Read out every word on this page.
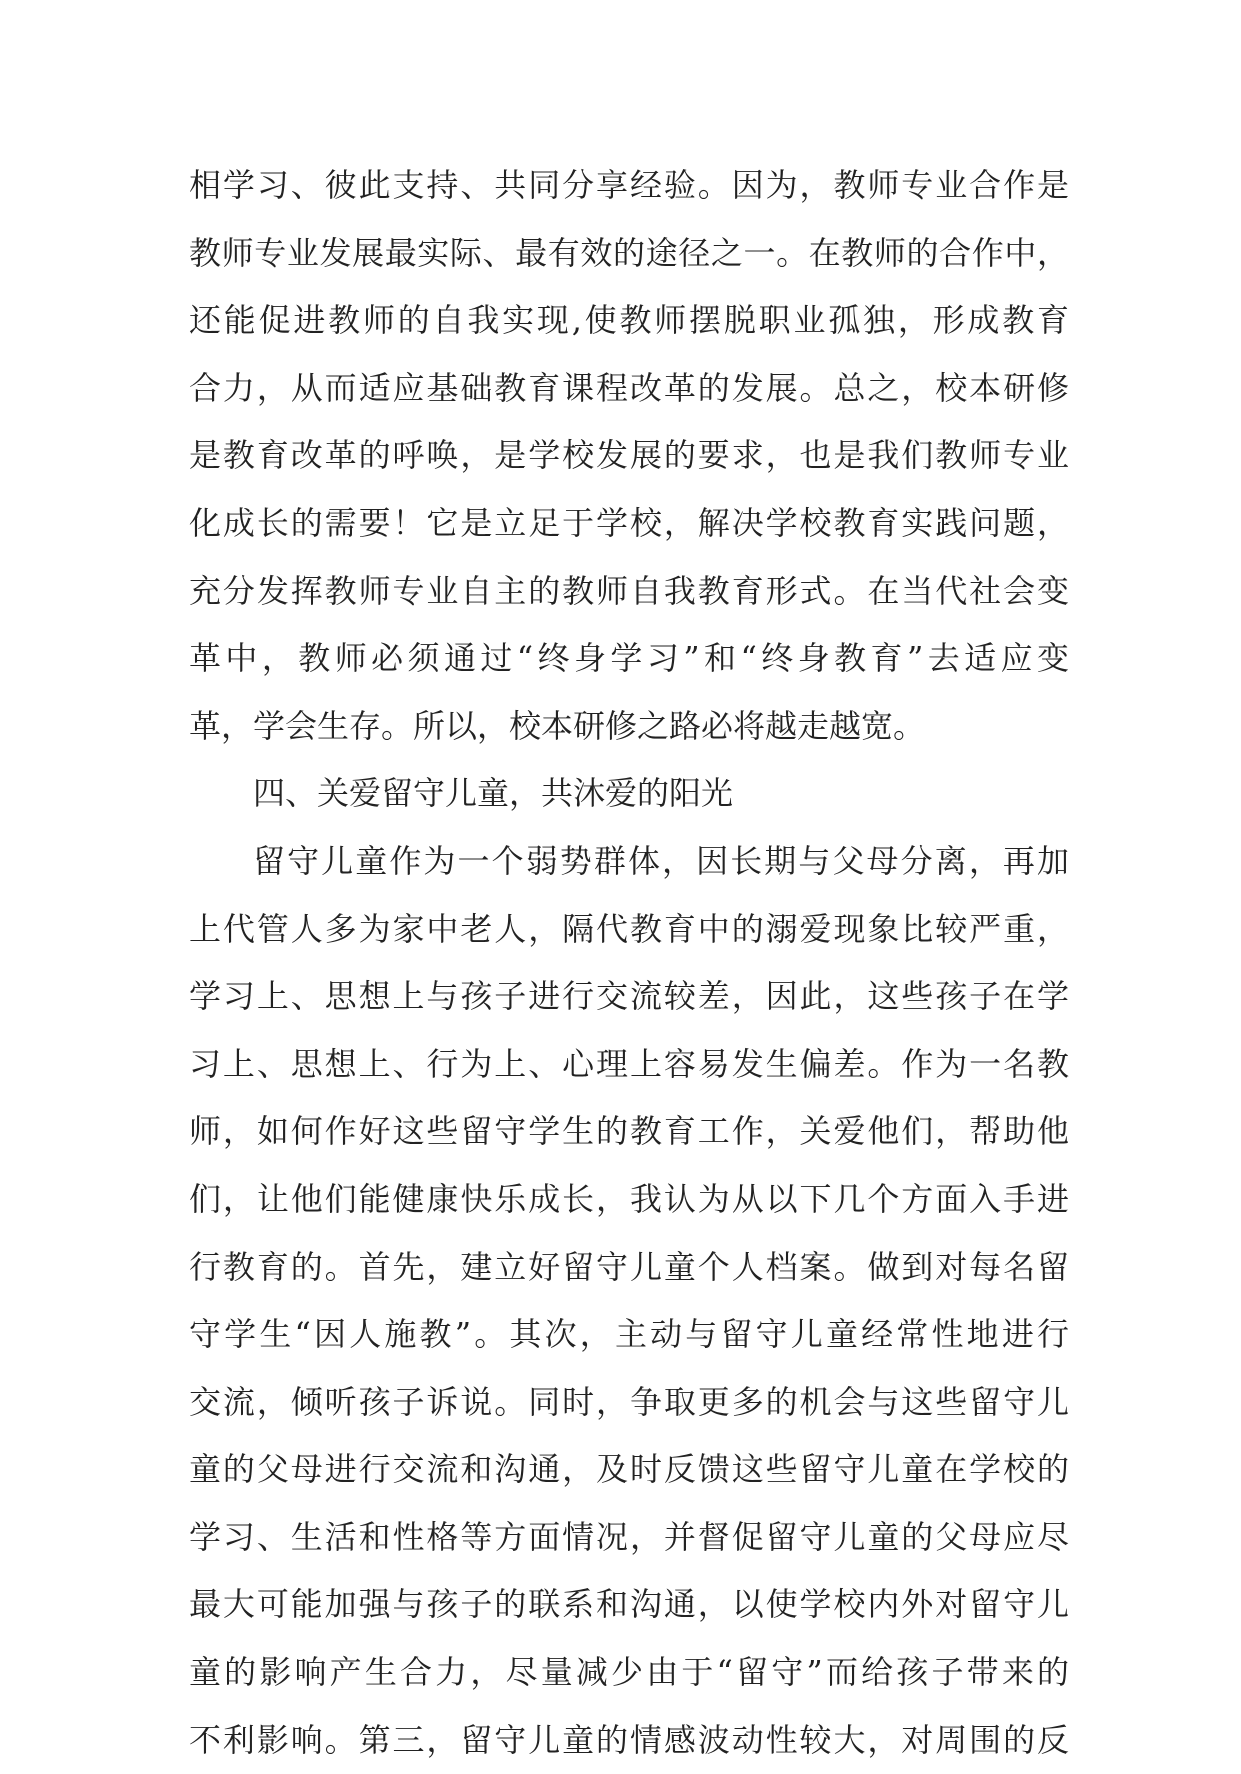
相学习、彼此支持、共同分享经验。因为，教师专业合作是
教师专业发展最实际、最有效的途径之一。在教师的合作中，
还能促进教师的自我实现,使教师摆脱职业孤独，形成教育
合力，从而适应基础教育课程改革的发展。总之，校本研修
是教育改革的呼唤，是学校发展的要求，也是我们教师专业
化成长的需要！它是立足于学校，解决学校教育实践问题，
充分发挥教师专业自主的教师自我教育形式。在当代社会变
革中，教师必须通过“终身学习”和“终身教育”去适应变
革，学会生存。所以，校本研修之路必将越走越宽。
四、关爱留守儿童，共沐爱的阳光
留守儿童作为一个弱势群体，因长期与父母分离，再加
上代管人多为家中老人，隔代教育中的溺爱现象比较严重，
学习上、思想上与孩子进行交流较差，因此，这些孩子在学
习上、思想上、行为上、心理上容易发生偏差。作为一名教
师，如何作好这些留守学生的教育工作，关爱他们，帮助他
们，让他们能健康快乐成长，我认为从以下几个方面入手进
行教育的。首先，建立好留守儿童个人档案。做到对每名留
守学生“因人施教”。其次，主动与留守儿童经常性地进行
交流，倾听孩子诉说。同时，争取更多的机会与这些留守儿
童的父母进行交流和沟通，及时反馈这些留守儿童在学校的
学习、生活和性格等方面情况，并督促留守儿童的父母应尽
最大可能加强与孩子的联系和沟通，以使学校内外对留守儿
童的影响产生合力，尽量减少由于“留守”而给孩子带来的
不利影响。第三，留守儿童的情感波动性较大，对周围的反
